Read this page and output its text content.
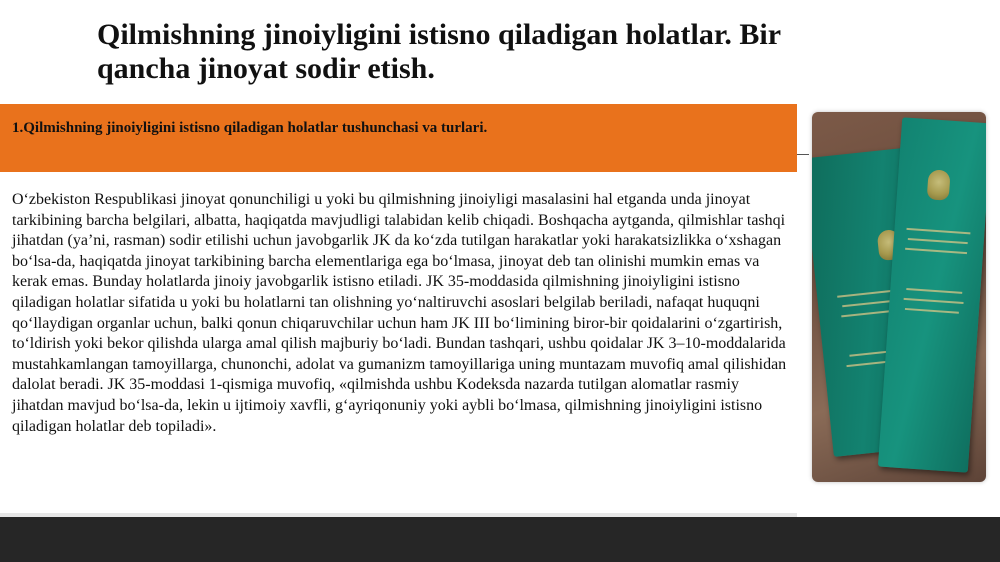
Qilmishning jinoiyligini istisno qiladigan holatlar. Bir qancha jinoyat sodir etish.
1.Qilmishning jinoiyligini istisno qiladigan holatlar tushunchasi va turlari.

O‘zbekiston Respublikasi jinoyat qonunchiligi u yoki bu qilmishning jinoiyligi masalasini hal etganda unda jinoyat tarkibining barcha belgilari, albatta, haqiqatda mavjudligi talabidan kelib chiqadi. Boshqacha aytganda, qilmishlar tashqi jihatdan (ya’ni, rasman) sodir etilishi uchun javobgarlik JK da ko‘zda tutilgan harakatlar yoki harakatsizlikka o‘xshagan bo‘lsa-da, haqiqatda jinoyat tarkibining barcha elementlariga ega bo‘lmasa, jinoyat deb tan olinishi mumkin emas va kerak emas. Bunday holatlarda jinoiy javobgarlik istisno etiladi. JK 35-moddasida qilmishning jinoiyligini istisno qiladigan holatlar sifatida u yoki bu holatlarni tan olishning yo‘naltiruvchi asoslari belgilab beriladi, nafaqat huquqni qo‘llaydigan organlar uchun, balki qonun chiqaruvchilar uchun ham JK III bo‘limining biror-bir qoidalarini o‘zgartirish, to‘ldirish yoki bekor qilishda ularga amal qilish majburiy bo‘ladi. Bundan tashqari, ushbu qoidalar JK 3–10-moddalarida mustahkamlangan tamoyillarga, chunonchi, adolat va gumanizm tamoyillariga uning muntazam muvofiq amal qilishidan dalolat beradi. JK 35-moddasi 1-qismiga muvofiq, «qilmishda ushbu Kodeksda nazarda tutilgan alomatlar rasmiy jihatdan mavjud bo‘lsa-da, lekin u ijtimoiy xavfli, g‘ayriqonuniy yoki aybli bo‘lmasa, qilmishning jinoiyligini istisno qiladigan holatlar deb topiladi».
